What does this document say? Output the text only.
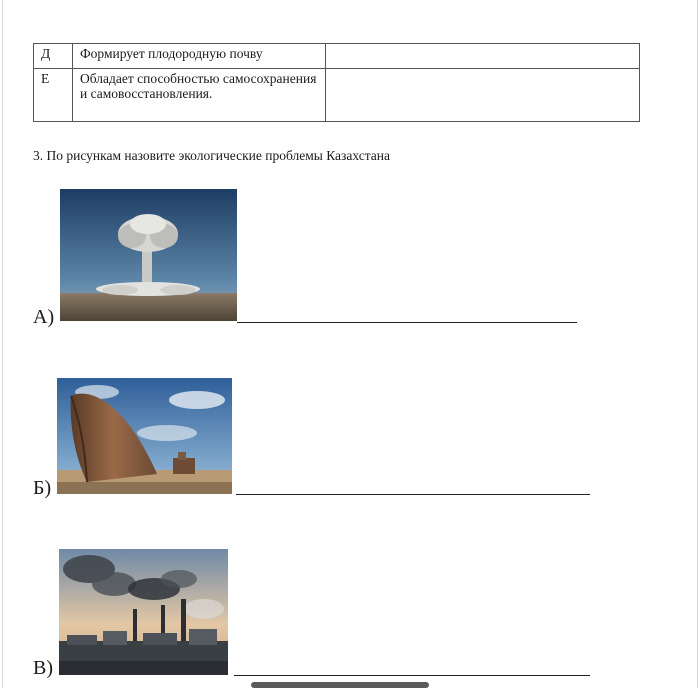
Д	Формирует плодородную почву	
Е	Обладает способностью самосохранения и самовосстановления.	
3. По рисункам назовите экологические проблемы Казахстана
А)
Б)
В)
